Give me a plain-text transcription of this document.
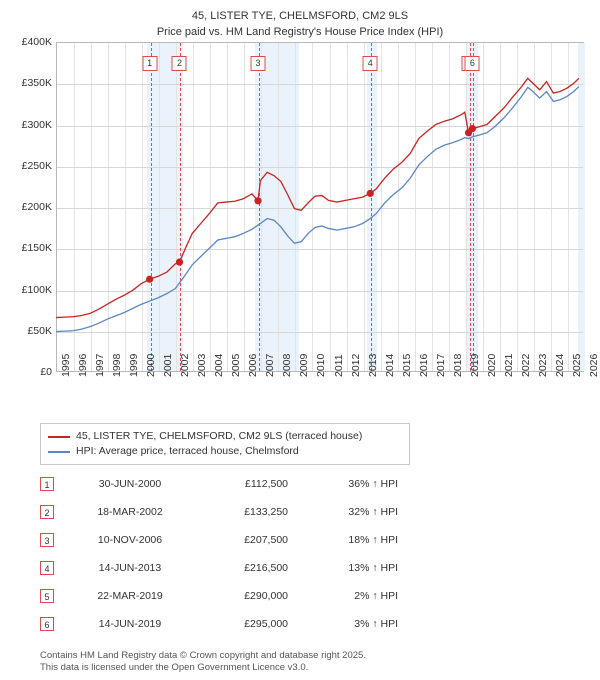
45, LISTER TYE, CHELMSFORD, CM2 9LS
Price paid vs. HM Land Registry's House Price Index (HPI)
45, LISTER TYE, CHELMSFORD, CM2 9LS (terraced house)
HPI: Average price, terraced house, Chelmsford
1	30-JUN-2000	£112,500	36% ↑ HPI
2	18-MAR-2002	£133,250	32% ↑ HPI
3	10-NOV-2006	£207,500	18% ↑ HPI
4	14-JUN-2013	£216,500	13% ↑ HPI
5	22-MAR-2019	£290,000	2% ↑ HPI
6	14-JUN-2019	£295,000	3% ↑ HPI
Contains HM Land Registry data © Crown copyright and database right 2025.
This data is licensed under the Open Government Licence v3.0.
£0
£50K
£100K
£150K
£200K
£250K
£300K
£350K
£400K
1995 1996 1997 1998 1999 2000 2001 2002 2003 2004 2005 2006 2007 2008 2009 2010 2011 2012 2013 2014 2015 2016 2017 2018 2019 2020 2021 2022 2023 2024 2025 2026
1	2	3	4	6
